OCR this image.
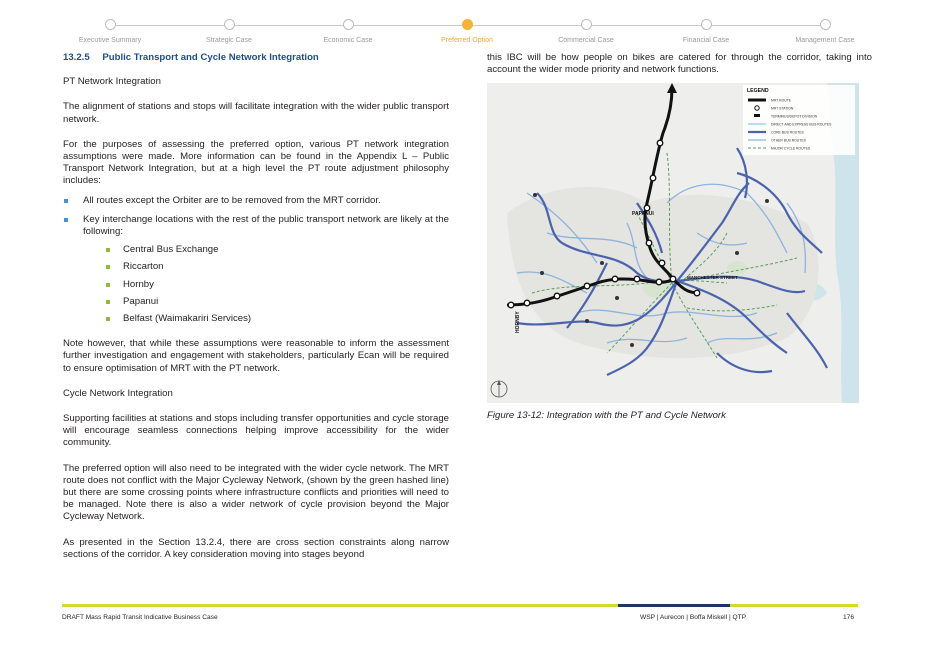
Executive Summary	Strategic Case	Economic Case	Preferred Option	Commercial Case	Financial Case	Management Case
13.2.5 Public Transport and Cycle Network Integration
PT Network Integration
The alignment of stations and stops will facilitate integration with the wider public transport network.
For the purposes of assessing the preferred option, various PT network integration assumptions were made. More information can be found in the Appendix L – Public Transport Network Integration, but at a high level the PT route adjustment philosophy includes:
All routes except the Orbiter are to be removed from the MRT corridor.
Key interchange locations with the rest of the public transport network are likely at the following:
Central Bus Exchange
Riccarton
Hornby
Papanui
Belfast (Waimakariri Services)
Note however, that while these assumptions were reasonable to inform the assessment further investigation and engagement with stakeholders, particularly Ecan will be required to ensure optimisation of MRT with the PT network.
Cycle Network Integration
Supporting facilities at stations and stops including transfer opportunities and cycle storage will encourage seamless connections helping improve accessibility for the wider community.
The preferred option will also need to be integrated with the wider cycle network. The MRT route does not conflict with the Major Cycleway Network, (shown by the green hashed line) but there are some crossing points where infrastructure conflicts and priorities will need to be managed. Note there is also a wider network of cycle provision beyond the Major Cycleway Network.
As presented in the Section 13.2.4, there are cross section constraints along narrow sections of the corridor. A key consideration moving into stages beyond
this IBC will be how people on bikes are catered for through the corridor, taking into account the wider mode priority and network functions.
PAPANUI
MANCHESTER STREET
HORNBY
LEGEND
MRT ROUTE
MRT STATION
TERMINUS/DEPOT DIVISION
DIRECT AND EXPRESS BUS ROUTES
CORE BUS ROUTES
OTHER BUS ROUTES
MAJOR CYCLE ROUTES
Figure 13-12: Integration with the PT and Cycle Network
DRAFT Mass Rapid Transit Indicative Business Case	WSP | Aurecon | Boffa Miskell | QTP	176
